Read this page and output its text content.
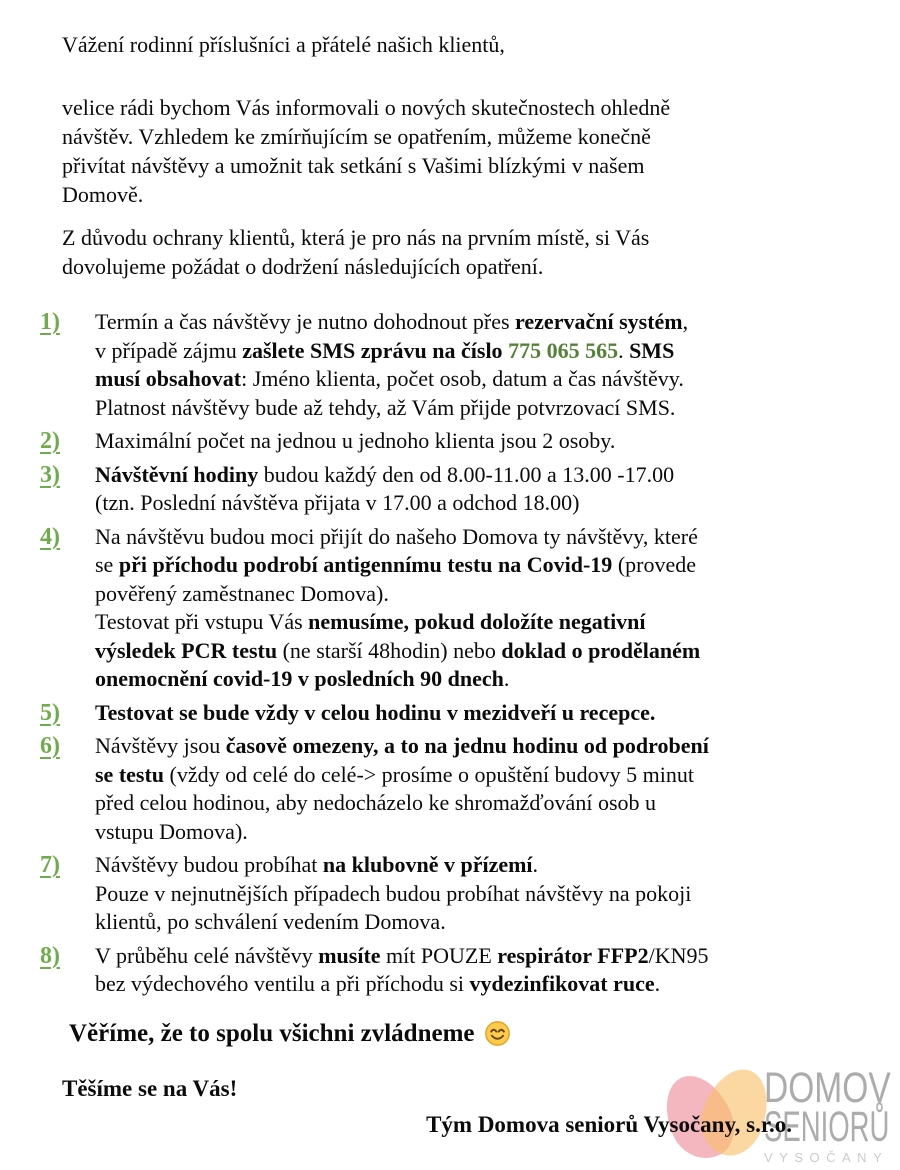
Vážení rodinní příslušníci a přátelé našich klientů,

velice rádi bychom Vás informovali o nových skutečnostech ohledně
návštěv. Vzhledem ke zmírňujícím se opatřením, můžeme konečně
přivítat návštěvy a umožnit tak setkání s Vašimi blízkými v našem
Domově.

Z důvodu ochrany klientů, která je pro nás na prvním místě, si Vás
dovolujeme požádat o dodržení následujících opatření.

1)	Termín a čas návštěvy je nutno dohodnout přes rezervační systém,
v případě zájmu zašlete SMS zprávu na číslo 775 065 565. SMS
musí obsahovat: Jméno klienta, počet osob, datum a čas návštěvy.
Platnost návštěvy bude až tehdy, až Vám přijde potvrzovací SMS.
2)	Maximální počet na jednou u jednoho klienta jsou 2 osoby.
3)	Návštěvní hodiny budou každý den od 8.00-11.00 a 13.00 -17.00
(tzn. Poslední návštěva přijata v 17.00 a odchod 18.00)
4)	Na návštěvu budou moci přijít do našeho Domova ty návštěvy, které
se při příchodu podrobí antigennímu testu na Covid-19 (provede
pověřený zaměstnanec Domova).
Testovat při vstupu Vás nemusíme, pokud doložíte negativní
výsledek PCR testu (ne starší 48hodin) nebo doklad o prodělaném
onemocnění covid-19 v posledních 90 dnech.
5)	Testovat se bude vždy v celou hodinu v mezidveří u recepce.
6)	Návštěvy jsou časově omezeny, a to na jednu hodinu od podrobení
se testu (vždy od celé do celé-> prosíme o opuštění budovy 5 minut
před celou hodinou, aby nedocházelo ke shromažďování osob u
vstupu Domova).
7)	Návštěvy budou probíhat na klubovně v přízemí.
Pouze v nejnutnějších případech budou probíhat návštěvy na pokoji
klientů, po schválení vedením Domova.
8)	V průběhu celé návštěvy musíte mít POUZE respirátor FFP2/KN95
bez výdechového ventilu a při příchodu si vydezinfikovat ruce.

Věříme, že to spolu všichni zvládneme

Těšíme se na Vás!	DOMOV
SENIORŮ
VYSOČANY

Tým Domova seniorů Vysočany, s.r.o.
